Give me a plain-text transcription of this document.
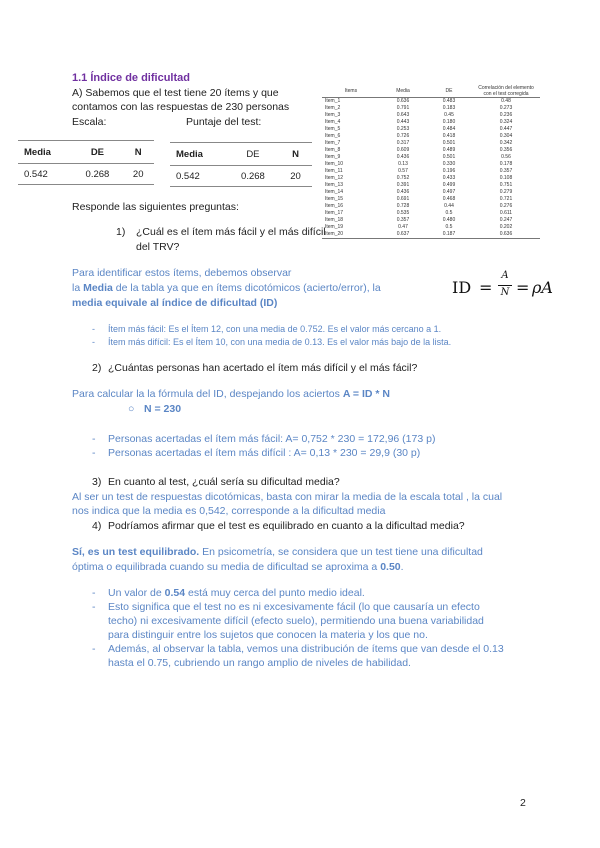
1.1 Índice de dificultad
A) Sabemos que el test tiene 20 ítems y que
contamos con las respuestas de 230 personas
Escala:	Puntaje del test:
Media	DE	N
0.542	0.268	20
Media	DE	N
0.542	0.268	20
Items	Media	DE	Correlación del elemento con el test corregida
Item_1	0.636	0.483	0.48
Item_2	0.791	0.183	0.273
Item_3	0.643	0.45	0.236
Item_4	0.443	0.180	0.324
Item_5	0.253	0.484	0.447
Item_6	0.726	0.418	0.304
Item_7	0.317	0.501	0.342
Item_8	0.609	0.489	0.356
Item_9	0.436	0.501	0.56
Item_10	0.13	0.330	0.178
Item_11	0.57	0.196	0.357
Item_12	0.752	0.433	0.108
Item_13	0.391	0.499	0.751
Item_14	0.436	0.497	0.279
Item_15	0.691	0.468	0.721
Item_16	0.728	0.44	0.276
Item_17	0.535	0.5	0.611
Item_18	0.357	0.480	0.247
Item_19	0.47	0.5	0.202
Item_20	0.637	0.187	0.636
Responde las siguientes preguntas:
1) ¿Cuál es el ítem más fácil y el más difícil
del TRV?
Para identificar estos ítems, debemos observar
la Media de la tabla ya que en ítems dicotómicos (acierto/error), la
media equivale al índice de dificultad (ID)
ID =
A
N = ρA
- Ítem más fácil: Es el Ítem 12, con una media de 0.752. Es el valor más cercano a 1.
- Ítem más difícil: Es el Ítem 10, con una media de 0.13. Es el valor más bajo de la lista.
2) ¿Cuántas personas han acertado el ítem más difícil y el más fácil?
Para calcular la la fórmula del ID, despejando los aciertos A = ID * N
○ N = 230
- Personas acertadas el ítem más fácil: A= 0,752 * 230 = 172,96 (173 p)
- Personas acertadas el ítem más difícil : A= 0,13 * 230 = 29,9 (30 p)
3) En cuanto al test, ¿cuál sería su dificultad media?
Al ser un test de respuestas dicotómicas, basta con mirar la media de la escala total , la cual
nos indica que la media es 0,542, corresponde a la dificultad media
4) Podríamos afirmar que el test es equilibrado en cuanto a la dificultad media?
Sí, es un test equilibrado. En psicometría, se considera que un test tiene una dificultad
óptima o equilibrada cuando su media de dificultad se aproxima a 0.50.
- Un valor de 0.54 está muy cerca del punto medio ideal.
- Esto significa que el test no es ni excesivamente fácil (lo que causaría un efecto
techo) ni excesivamente difícil (efecto suelo), permitiendo una buena variabilidad
para distinguir entre los sujetos que conocen la materia y los que no.
- Además, al observar la tabla, vemos una distribución de ítems que van desde el 0.13
hasta el 0.75, cubriendo un rango amplio de niveles de habilidad.
2
